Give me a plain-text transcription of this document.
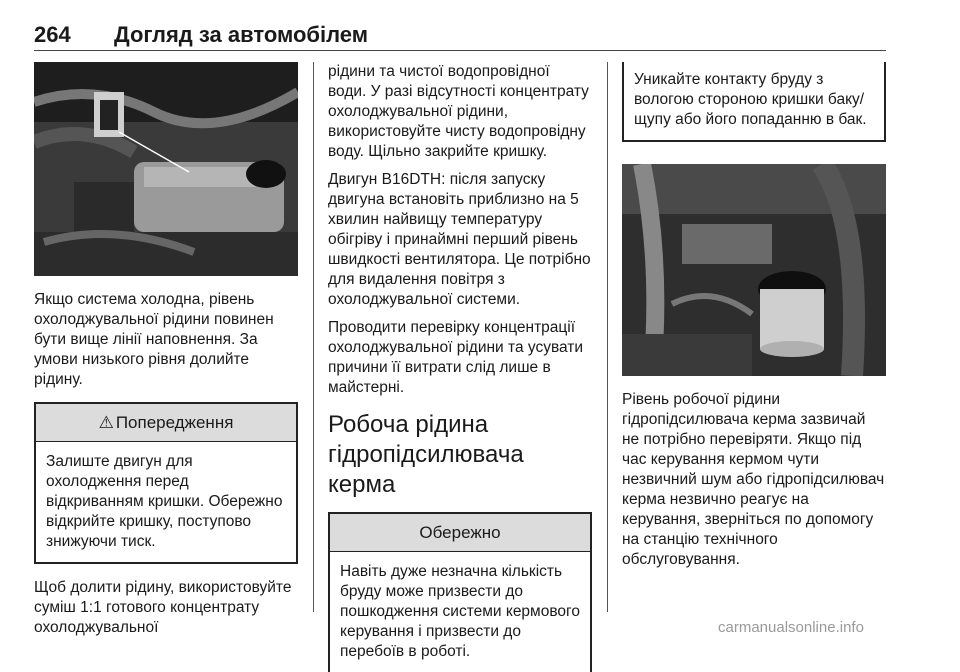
264 Догляд за автомобілем

Якщо система холодна, рівень охолоджувальної рідини повинен бути вище лінії наповнення. За умови низького рівня долийте рідину.

⚠ Попередження
Залиште двигун для охолодження перед відкриванням кришки. Обережно відкрийте кришку, поступово знижуючи тиск.

Щоб долити рідину, використовуйте суміш 1:1 готового концентрату охолоджувальної

рідини та чистої водопровідної води. У разі відсутності концентрату охолоджувальної рідини, використовуйте чисту водопровідну воду. Щільно закрийте кришку.

Двигун B16DTH: після запуску двигуна встановіть приблизно на 5 хвилин найвищу температуру обігріву і принаймні перший рівень швидкості вентилятора. Це потрібно для видалення повітря з охолоджувальної системи.

Проводити перевірку концентрації охолоджувальної рідини та усувати причини її витрати слід лише в майстерні.

Робоча рідина гідропідсилювача керма
Обережно
Навіть дуже незначна кількість бруду може призвести до пошкодження системи кермового керування і призвести до перебоїв в роботі.
Уникайте контакту бруду з вологою стороною кришки баку/щупу або його попаданню в бак.

Рівень робочої рідини гідропідсилювача керма зазвичай не потрібно перевіряти. Якщо під час керування кермом чути незвичний шум або гідропідсилювач керма незвично реагує на керування, зверніться по допомогу на станцію технічного обслуговування.

carmanualsonline.info
